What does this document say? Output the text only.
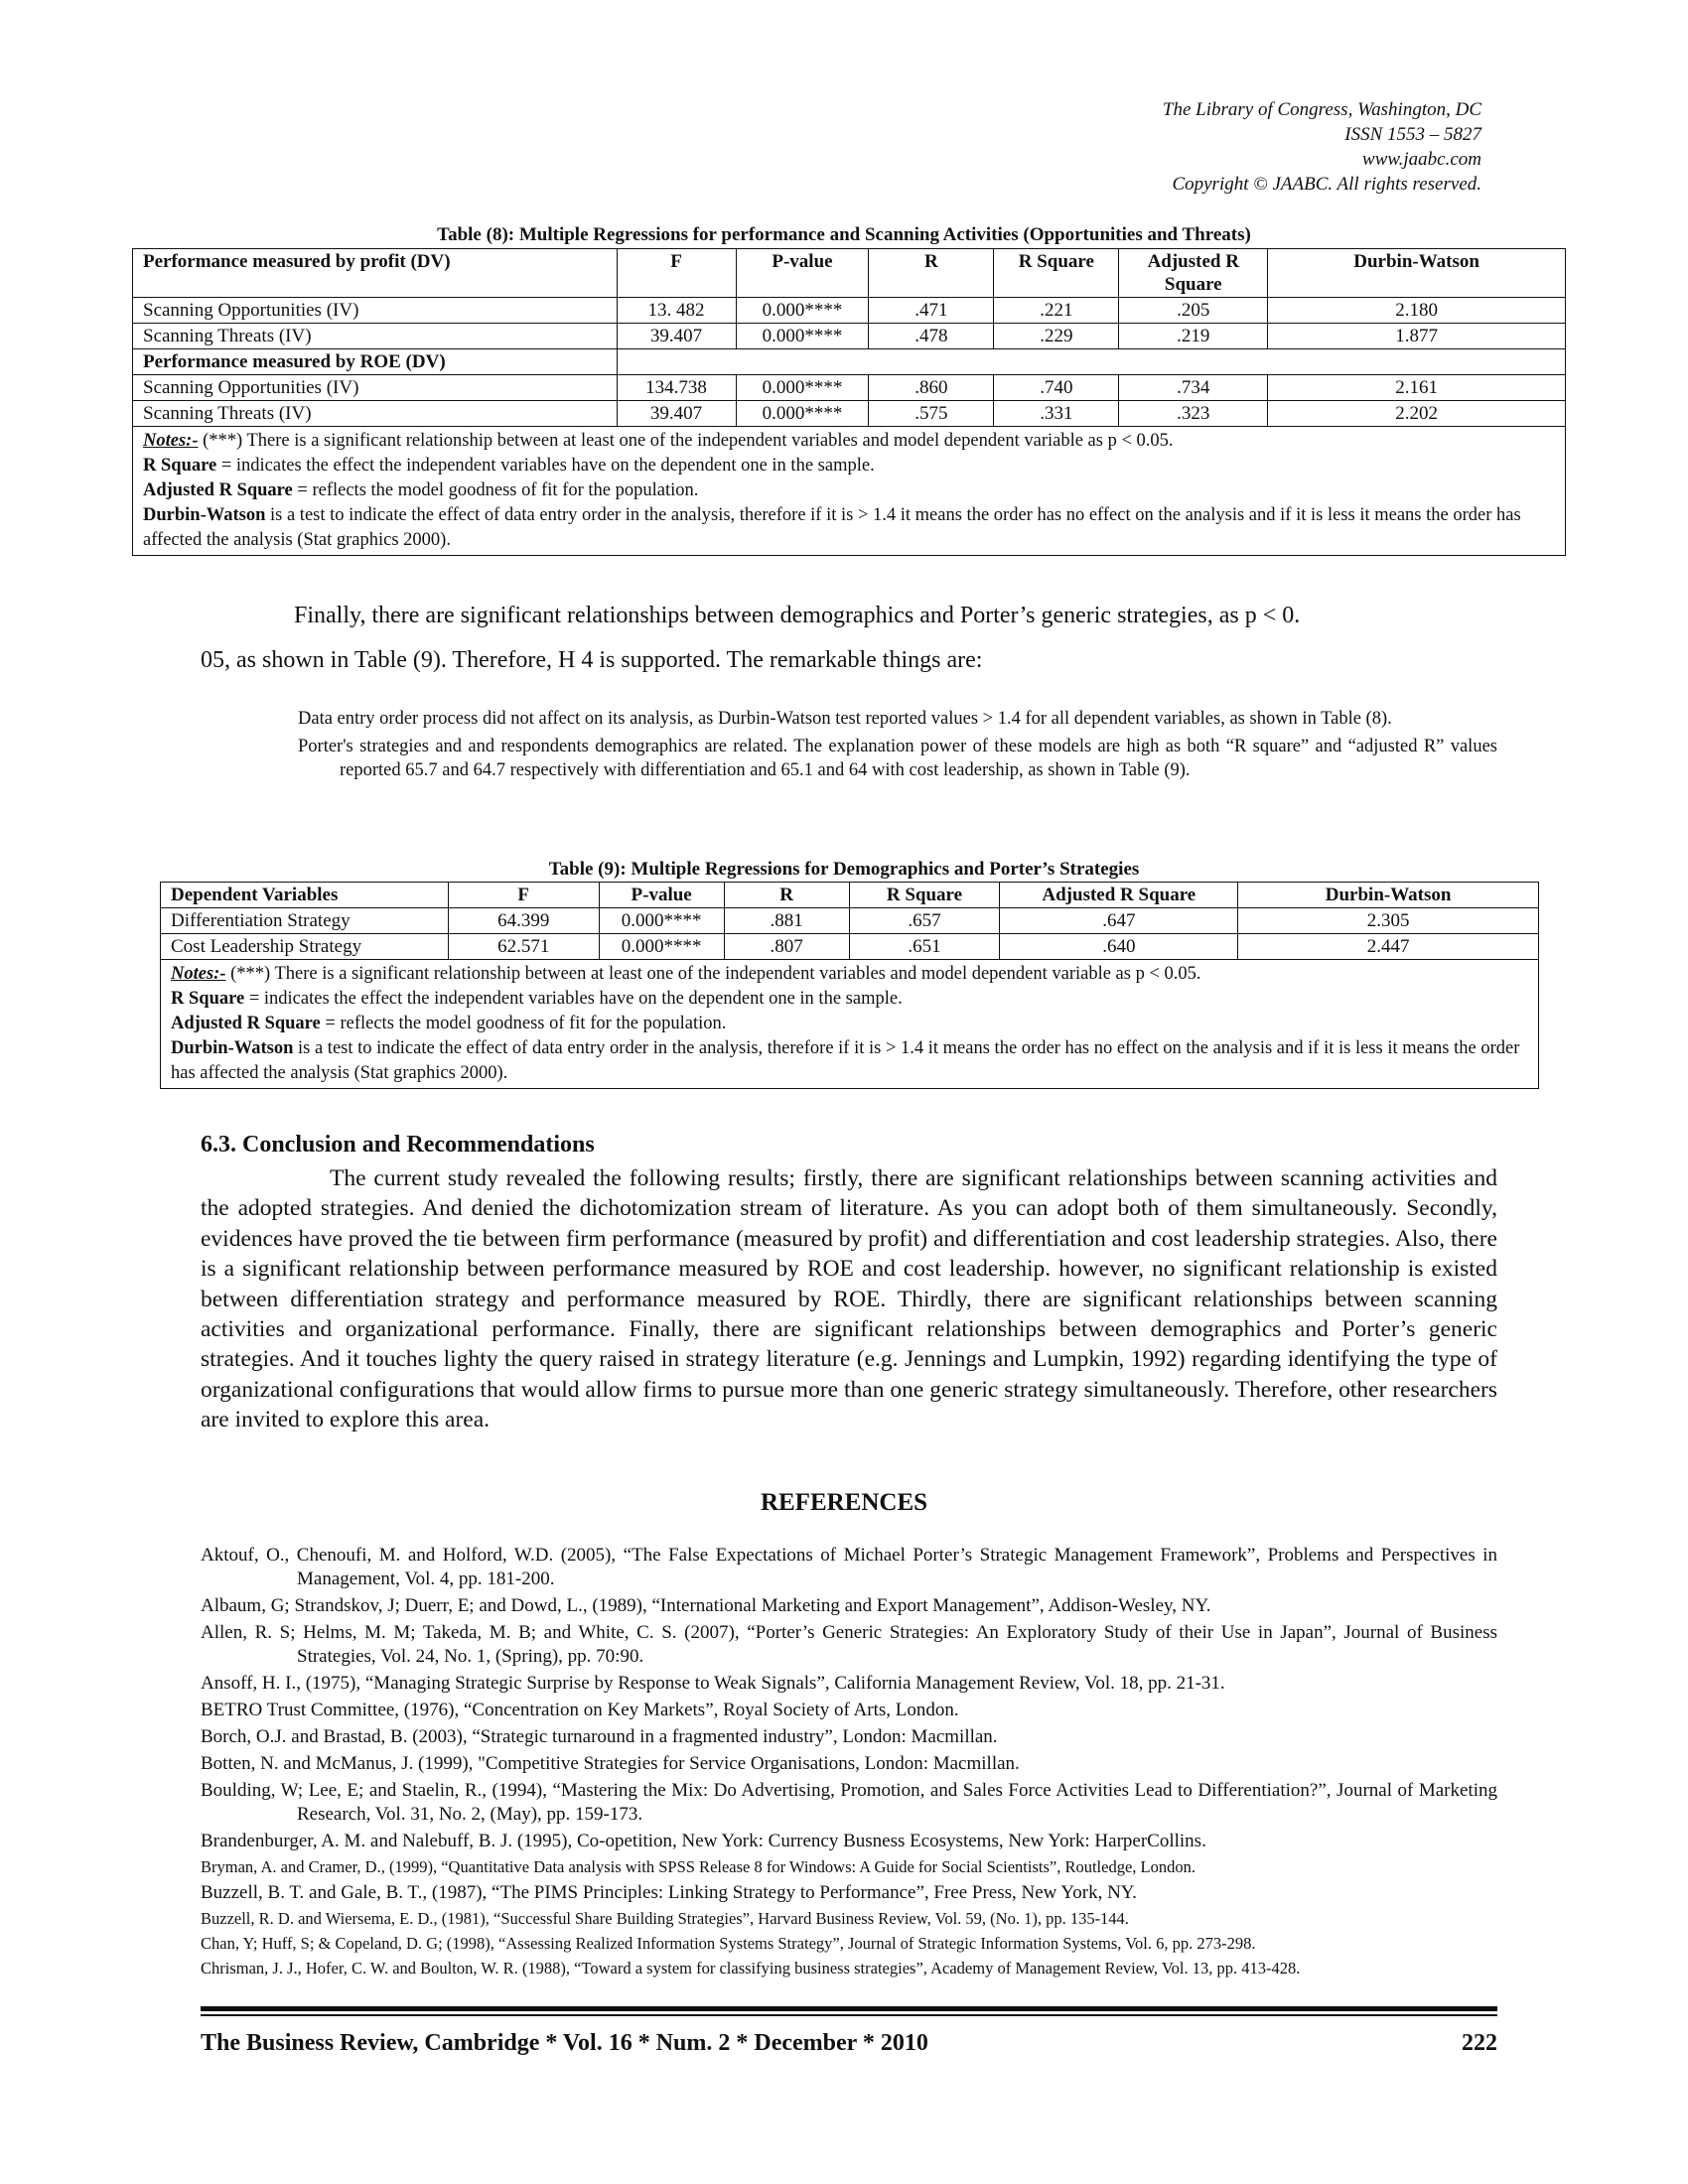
The Library of Congress, Washington, DC
ISSN 1553 – 5827
www.jaabc.com
Copyright © JAABC. All rights reserved.
Table (8): Multiple Regressions for performance and Scanning Activities (Opportunities and Threats)
Performance measured by profit (DV)	F	P-value	R	R Square	Adjusted R Square	Durbin-Watson
Scanning Opportunities (IV)	13. 482	0.000****	.471	.221	.205	2.180
Scanning Threats (IV)	39.407	0.000****	.478	.229	.219	1.877
Performance measured by ROE (DV)						
Scanning Opportunities (IV)	134.738	0.000****	.860	.740	.734	2.161
Scanning Threats (IV)	39.407	0.000****	.575	.331	.323	2.202

Notes:- (***) There is a significant relationship between at least one of the independent variables and model dependent variable as p < 0.05.
R Square = indicates the effect the independent variables have on the dependent one in the sample.
Adjusted R Square = reflects the model goodness of fit for the population.
Durbin-Watson is a test to indicate the effect of data entry order in the analysis, therefore if it is > 1.4 it means the order has no effect on the analysis and if it is less it means the order has affected the analysis (Stat graphics 2000).						
Finally, there are significant relationships between demographics and Porter’s generic strategies, as p < 0.
05, as shown in Table (9). Therefore, H 4 is supported. The remarkable things are:

Data entry order process did not affect on its analysis, as Durbin-Watson test reported values > 1.4 for all dependent variables, as shown in Table (8).

Porter's strategies and and respondents demographics are related. The explanation power of these models are high as both “R square” and “adjusted R” values reported 65.7 and 64.7 respectively with differentiation and 65.1 and 64 with cost leadership, as shown in Table (9).

Table (9): Multiple Regressions for Demographics and Porter’s Strategies
Dependent Variables	F	P-value	R	R Square	Adjusted R Square	Durbin-Watson
Differentiation Strategy	64.399	0.000****	.881	.657	.647	2.305
Cost Leadership Strategy	62.571	0.000****	.807	.651	.640	2.447

Notes:- (***) There is a significant relationship between at least one of the independent variables and model dependent variable as p < 0.05.
R Square = indicates the effect the independent variables have on the dependent one in the sample.
Adjusted R Square = reflects the model goodness of fit for the population.
Durbin-Watson is a test to indicate the effect of data entry order in the analysis, therefore if it is > 1.4 it means the order has no effect on the analysis and if it is less it means the order has affected the analysis (Stat graphics 2000).						
6.3. Conclusion and Recommendations

The current study revealed the following results; firstly, there are significant relationships between scanning activities and the adopted strategies. And denied the dichotomization stream of literature. As you can adopt both of them simultaneously. Secondly, evidences have proved the tie between firm performance (measured by profit) and differentiation and cost leadership strategies. Also, there is a significant relationship between performance measured by ROE and cost leadership. however, no significant relationship is existed between differentiation strategy and performance measured by ROE. Thirdly, there are significant relationships between scanning activities and organizational performance. Finally, there are significant relationships between demographics and Porter’s generic strategies. And it touches lighty the query raised in strategy literature (e.g. Jennings and Lumpkin, 1992) regarding identifying the type of organizational configurations that would allow firms to pursue more than one generic strategy simultaneously. Therefore, other researchers are invited to explore this area.

REFERENCES

Aktouf, O., Chenoufi, M. and Holford, W.D. (2005), “The False Expectations of Michael Porter’s Strategic Management Framework”, Problems and Perspectives in Management, Vol. 4, pp. 181-200.

Albaum, G; Strandskov, J; Duerr, E; and Dowd, L., (1989), “International Marketing and Export Management”, Addison-Wesley, NY.

Allen, R. S; Helms, M. M; Takeda, M. B; and White, C. S. (2007), “Porter’s Generic Strategies: An Exploratory Study of their Use in Japan”, Journal of Business Strategies, Vol. 24, No. 1, (Spring), pp. 70:90.

Ansoff, H. I., (1975), “Managing Strategic Surprise by Response to Weak Signals”, California Management Review, Vol. 18, pp. 21-31.

BETRO Trust Committee, (1976), “Concentration on Key Markets”, Royal Society of Arts, London.

Borch, O.J. and Brastad, B. (2003), “Strategic turnaround in a fragmented industry”, London: Macmillan.

Botten, N. and McManus, J. (1999), "Competitive Strategies for Service Organisations, London: Macmillan.

Boulding, W; Lee, E; and Staelin, R., (1994), “Mastering the Mix: Do Advertising, Promotion, and Sales Force Activities Lead to Differentiation?”, Journal of Marketing Research, Vol. 31, No. 2, (May), pp. 159-173.

Brandenburger, A. M. and Nalebuff, B. J. (1995), Co-opetition, New York: Currency Busness Ecosystems, New York: HarperCollins.

Bryman, A. and Cramer, D., (1999), “Quantitative Data analysis with SPSS Release 8 for Windows: A Guide for Social Scientists”, Routledge, London.

Buzzell, B. T. and Gale, B. T., (1987), “The PIMS Principles: Linking Strategy to Performance”, Free Press, New York, NY.

Buzzell, R. D. and Wiersema, E. D., (1981), “Successful Share Building Strategies”, Harvard Business Review, Vol. 59, (No. 1), pp. 135-144.

Chan, Y; Huff, S; & Copeland, D. G; (1998), “Assessing Realized Information Systems Strategy”, Journal of Strategic Information Systems, Vol. 6, pp. 273-298.

Chrisman, J. J., Hofer, C. W. and Boulton, W. R. (1988), “Toward a system for classifying business strategies”, Academy of Management Review, Vol. 13, pp. 413-428.

The Business Review, Cambridge * Vol. 16 * Num. 2 * December * 2010	222
